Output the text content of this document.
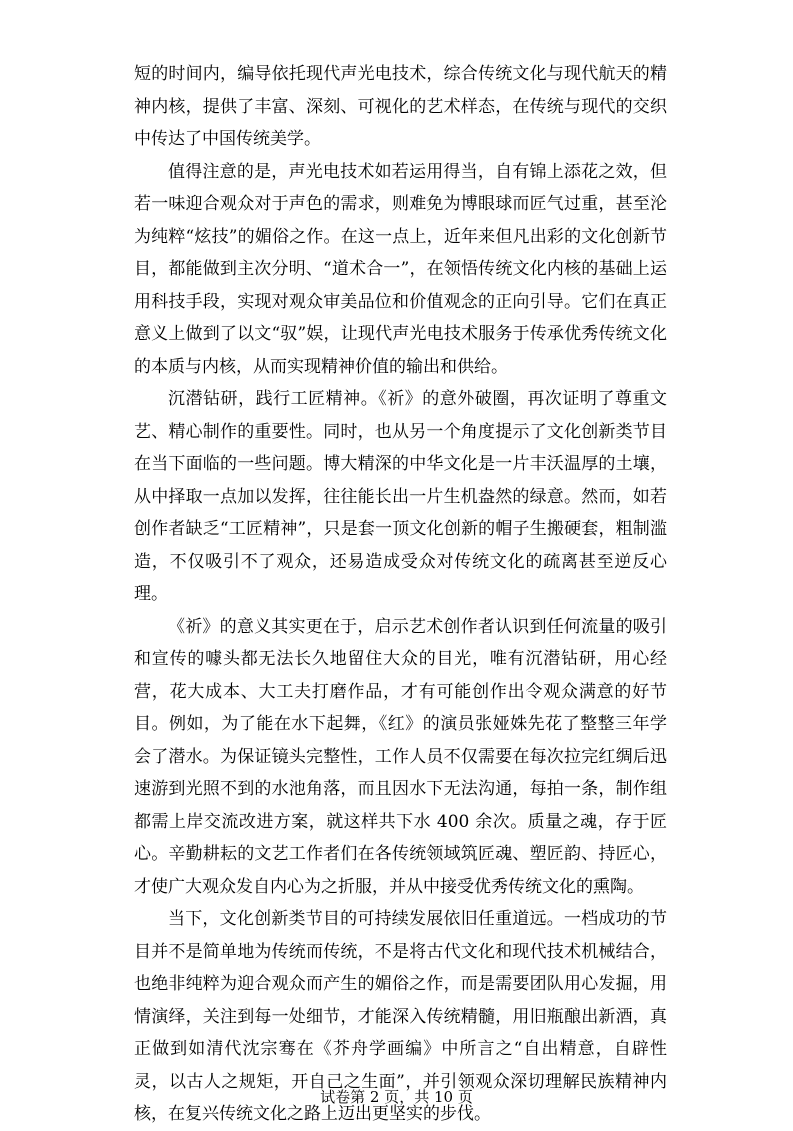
短的时间内，编导依托现代声光电技术，综合传统文化与现代航天的精神内核，提供了丰富、深刻、可视化的艺术样态，在传统与现代的交织中传达了中国传统美学。

值得注意的是，声光电技术如若运用得当，自有锦上添花之效，但若一味迎合观众对于声色的需求，则难免为博眼球而匠气过重，甚至沦为纯粹“炫技”的媚俗之作。在这一点上，近年来但凡出彩的文化创新节目，都能做到主次分明、“道术合一”，在领悟传统文化内核的基础上运用科技手段，实现对观众审美品位和价值观念的正向引导。它们在真正意义上做到了以文“驭”娱，让现代声光电技术服务于传承优秀传统文化的本质与内核，从而实现精神价值的输出和供给。

沉潜钻研，践行工匠精神。《祈》的意外破圈，再次证明了尊重文艺、精心制作的重要性。同时，也从另一个角度提示了文化创新类节目在当下面临的一些问题。博大精深的中华文化是一片丰沃温厚的土壤，从中择取一点加以发挥，往往能长出一片生机盎然的绿意。然而，如若创作者缺乏“工匠精神”，只是套一顶文化创新的帽子生搬硬套，粗制滥造，不仅吸引不了观众，还易造成受众对传统文化的疏离甚至逆反心理。

《祈》的意义其实更在于，启示艺术创作者认识到任何流量的吸引和宣传的噱头都无法长久地留住大众的目光，唯有沉潜钻研，用心经营，花大成本、大工夫打磨作品，才有可能创作出令观众满意的好节目。例如，为了能在水下起舞，《红》的演员张娅姝先花了整整三年学会了潜水。为保证镜头完整性，工作人员不仅需要在每次拉完红绸后迅速游到光照不到的水池角落，而且因水下无法沟通，每拍一条，制作组都需上岸交流改进方案，就这样共下水 400 余次。质量之魂，存于匠心。辛勤耕耘的文艺工作者们在各传统领域筑匠魂、塑匠韵、持匠心，才使广大观众发自内心为之折服，并从中接受优秀传统文化的熏陶。

当下，文化创新类节目的可持续发展依旧任重道远。一档成功的节目并不是简单地为传统而传统，不是将古代文化和现代技术机械结合，也绝非纯粹为迎合观众而产生的媚俗之作，而是需要团队用心发掘，用情演绎，关注到每一处细节，才能深入传统精髓，用旧瓶酿出新酒，真正做到如清代沈宗骞在《芥舟学画编》中所言之“自出精意，自辟性灵，以古人之规矩，开自己之生面”，并引领观众深切理解民族精神内核，在复兴传统文化之路上迈出更坚实的步伐。

试卷第 2 页，共 10 页
